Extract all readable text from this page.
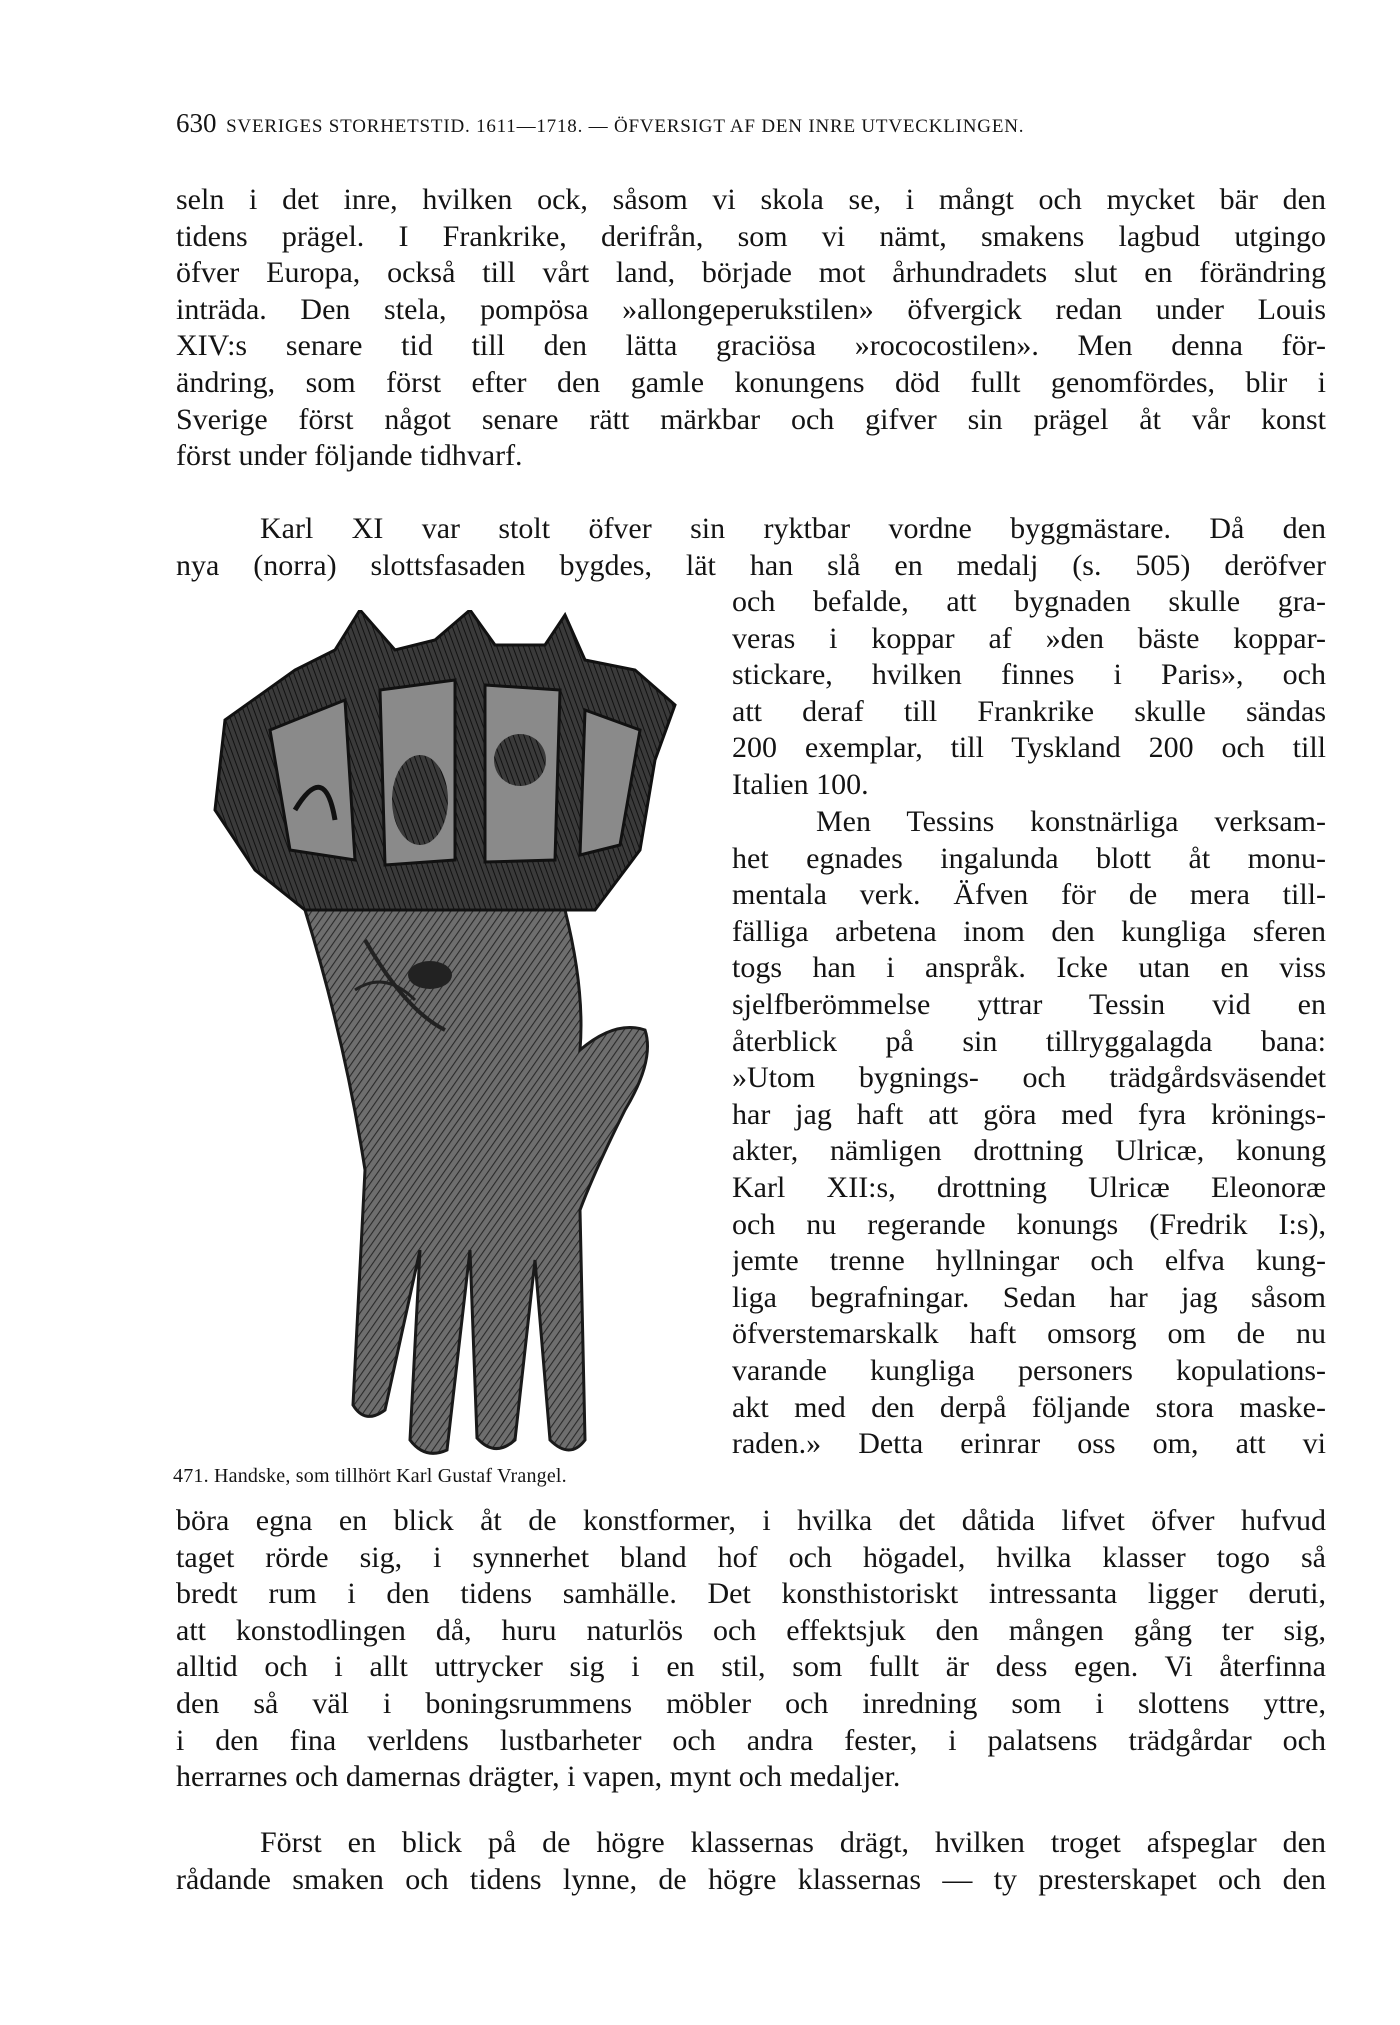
630 SVERIGES STORHETSTID. 1611—1718. — ÖFVERSIGT AF DEN INRE UTVECKLINGEN.
seln i det inre, hvilken ock, såsom vi skola se, i mångt och mycket bär den
tidens prägel. I Frankrike, derifrån, som vi nämt, smakens lagbud utgingo
öfver Europa, också till vårt land, började mot århundradets slut en förändring
inträda. Den stela, pompösa »allongeperukstilen» öfvergick redan under Louis
XIV:s senare tid till den lätta graciösa »rococostilen». Men denna för-
ändring, som först efter den gamle konungens död fullt genomfördes, blir i
Sverige först något senare rätt märkbar och gifver sin prägel åt vår konst
först under följande tidhvarf.
Karl XI var stolt öfver sin ryktbar vordne byggmästare. Då den
nya (norra) slottsfasaden bygdes, lät han slå en medalj (s. 505) deröfver
och befalde, att bygnaden skulle gra-
veras i koppar af »den bäste koppar-
stickare, hvilken finnes i Paris», och
att deraf till Frankrike skulle sändas
200 exemplar, till Tyskland 200 och till
Italien 100.
Men Tessins konstnärliga verksam-
het egnades ingalunda blott åt monu-
mentala verk. Äfven för de mera till-
fälliga arbetena inom den kungliga sferen
togs han i anspråk. Icke utan en viss
sjelfberömmelse yttrar Tessin vid en
återblick på sin tillryggalagda bana:
»Utom bygnings- och trädgårdsväsendet
har jag haft att göra med fyra krönings-
akter, nämligen drottning Ulricæ, konung
Karl XII:s, drottning Ulricæ Eleonoræ
och nu regerande konungs (Fredrik I:s),
jemte trenne hyllningar och elfva kung-
liga begrafningar. Sedan har jag såsom
öfverstemarskalk haft omsorg om de nu
varande kungliga personers kopulations-
akt med den derpå följande stora maske-
raden.» Detta erinrar oss om, att vi
böra egna en blick åt de konstformer, i hvilka det dåtida lifvet öfver hufvud
taget rörde sig, i synnerhet bland hof och högadel, hvilka klasser togo så
bredt rum i den tidens samhälle. Det konsthistoriskt intressanta ligger deruti,
att konstodlingen då, huru naturlös och effektsjuk den mången gång ter sig,
alltid och i allt uttrycker sig i en stil, som fullt är dess egen. Vi återfinna
den så väl i boningsrummens möbler och inredning som i slottens yttre,
i den fina verldens lustbarheter och andra fester, i palatsens trädgårdar och
herrarnes och damernas drägter, i vapen, mynt och medaljer.
Först en blick på de högre klassernas drägt, hvilken troget afspeglar den
rådande smaken och tidens lynne, de högre klassernas — ty presterskapet och den
471. Handske, som tillhört Karl Gustaf Vrangel.
